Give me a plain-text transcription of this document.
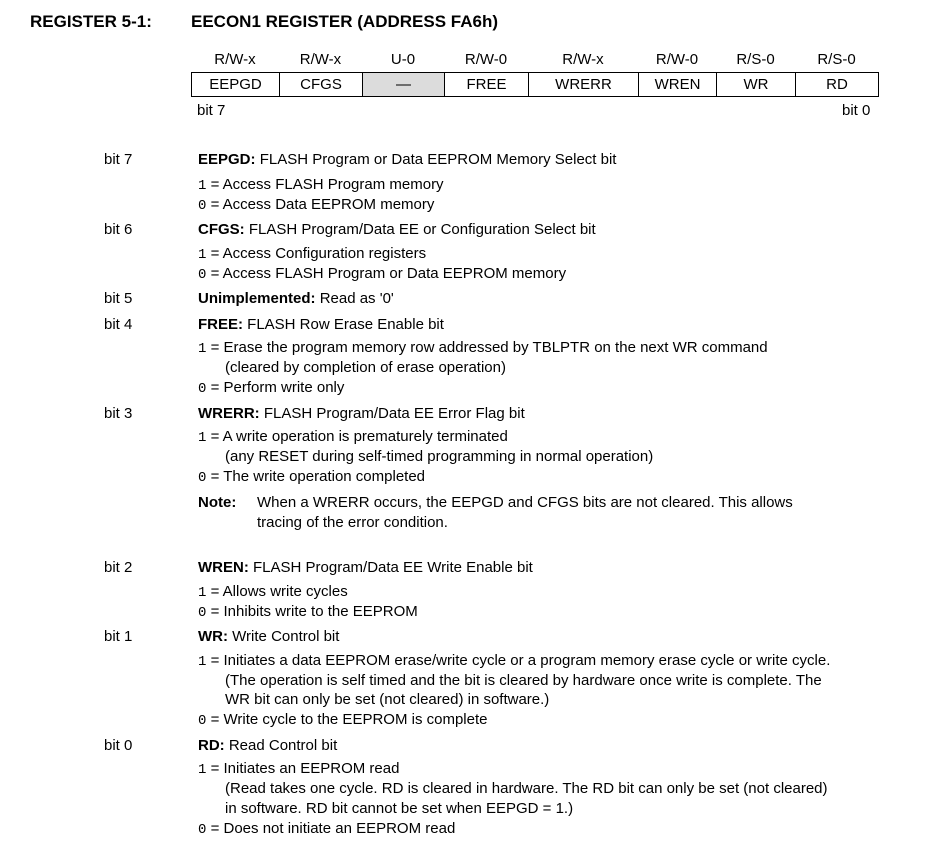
REGISTER 5-1: EECON1 REGISTER (ADDRESS FA6h)
R/W-x	R/W-x	U-0	R/W-0	R/W-x	R/W-0	R/S-0	R/S-0
EEPGD	CFGS	—	FREE	WRERR	WREN	WR	RD
bit 7	bit 0
bit 7	EEPGD: FLASH Program or Data EEPROM Memory Select bit
1 = Access FLASH Program memory
0 = Access Data EEPROM memory
bit 6	CFGS: FLASH Program/Data EE or Configuration Select bit
1 = Access Configuration registers
0 = Access FLASH Program or Data EEPROM memory
bit 5	Unimplemented: Read as '0'
bit 4	FREE: FLASH Row Erase Enable bit
1 = Erase the program memory row addressed by TBLPTR on the next WR command
(cleared by completion of erase operation)
0 = Perform write only
bit 3	WRERR: FLASH Program/Data EE Error Flag bit
1 = A write operation is prematurely terminated
(any RESET during self-timed programming in normal operation)
0 = The write operation completed
Note: When a WRERR occurs, the EEPGD and CFGS bits are not cleared. This allows
tracing of the error condition.
bit 2	WREN: FLASH Program/Data EE Write Enable bit
1 = Allows write cycles
0 = Inhibits write to the EEPROM
bit 1	WR: Write Control bit
1 = Initiates a data EEPROM erase/write cycle or a program memory erase cycle or write cycle.
(The operation is self timed and the bit is cleared by hardware once write is complete. The
WR bit can only be set (not cleared) in software.)
0 = Write cycle to the EEPROM is complete
bit 0	RD: Read Control bit
1 = Initiates an EEPROM read
(Read takes one cycle. RD is cleared in hardware. The RD bit can only be set (not cleared)
in software. RD bit cannot be set when EEPGD = 1.)
0 = Does not initiate an EEPROM read
